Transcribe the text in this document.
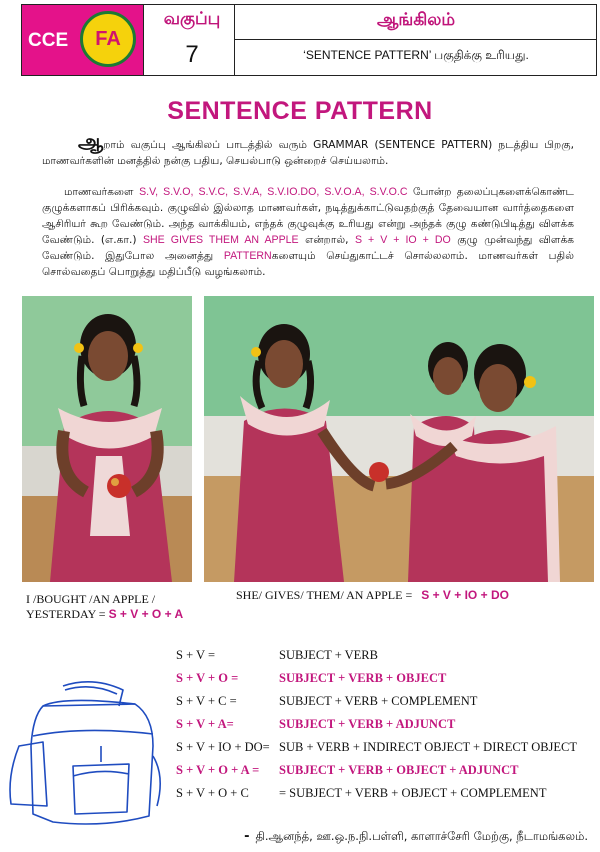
CCE	FA
வகுப்பு
7
ஆங்கிலம்
‘SENTENCE PATTERN’ பகுதிக்கு உரியது.
SENTENCE PATTERN
ஆறாம் வகுப்பு ஆங்கிலப் பாடத்தில் வரும் GRAMMAR (SENTENCE PATTERN) நடத்திய பிறகு, மாணவர்களின் மனத்தில் நன்கு பதிய, செயல்பாடு ஒன்றைச் செய்யலாம்.
மாணவர்களை S.V, S.V.O, S.V.C, S.V.A, S.V.IO.DO, S.V.O.A, S.V.O.C போன்ற தலைப்புகளைக்கொண்ட குழுக்களாகப் பிரிக்கவும். குழுவில் இல்லாத மாணவர்கள், நடித்துக்காட்டுவதற்குத் தேவையான வார்த்தைகளை ஆசிரியர் கூற வேண்டும். அந்த வாக்கியம், எந்தக் குழுவுக்கு உரியது என்று அந்தக் குழு கண்டுபிடித்து விளக்க வேண்டும். (எ.கா.) SHE GIVES THEM AN APPLE என்றால், S + V + IO + DO குழு முன்வந்து விளக்க வேண்டும். இதுபோல அனைத்து PATTERNகளையும் செய்துகாட்டச் சொல்லலாம். மாணவர்கள் பதில் சொல்வதைப் பொறுத்து மதிப்பீடு வழங்கலாம்.
I /BOUGHT /AN APPLE /
YESTERDAY = S + V + O + A
SHE/ GIVES/ THEM/ AN APPLE = S + V + IO + DO
S + V =	SUBJECT + VERB
S + V + O =	SUBJECT + VERB + OBJECT
S + V + C =	SUBJECT + VERB + COMPLEMENT
S + V + A=	SUBJECT + VERB + ADJUNCT
S + V + IO + DO= SUB + VERB + INDIRECT OBJECT + DIRECT OBJECT
S + V + O + A = SUBJECT + VERB + OBJECT + ADJUNCT
S + V + O + C = SUBJECT + VERB + OBJECT + COMPLEMENT
- தி.ஆனந்த், ஊ.ஒ.ந.நி.பள்ளி, காளாச்சேரி மேற்கு, நீடாமங்கலம்.
